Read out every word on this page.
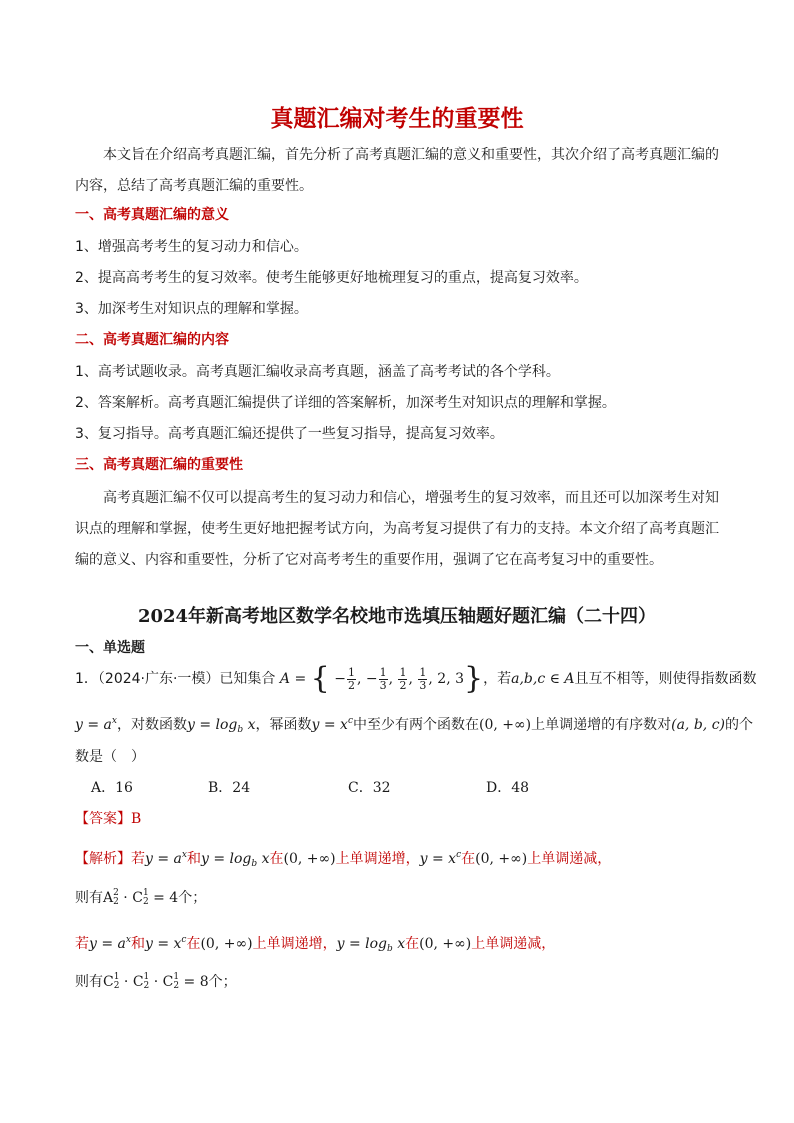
真题汇编对考生的重要性
本文旨在介绍高考真题汇编，首先分析了高考真题汇编的意义和重要性，其次介绍了高考真题汇编的内容，总结了高考真题汇编的重要性。
一、高考真题汇编的意义
1、增强高考考生的复习动力和信心。
2、提高高考考生的复习效率。使考生能够更好地梳理复习的重点，提高复习效率。
3、加深考生对知识点的理解和掌握。
二、高考真题汇编的内容
1、高考试题收录。高考真题汇编收录高考真题，涵盖了高考考试的各个学科。
2、答案解析。高考真题汇编提供了详细的答案解析，加深考生对知识点的理解和掌握。
3、复习指导。高考真题汇编还提供了一些复习指导，提高复习效率。
三、高考真题汇编的重要性
高考真题汇编不仅可以提高考生的复习动力和信心，增强考生的复习效率，而且还可以加深考生对知识点的理解和掌握，使考生更好地把握考试方向，为高考复习提供了有力的支持。本文介绍了高考真题汇编的意义、内容和重要性，分析了它对高考考生的重要作用，强调了它在高考复习中的重要性。
2024年新高考地区数学名校地市选填压轴题好题汇编（二十四）
一、单选题
1．（2024·广东·一模）已知集合 A = { − $\frac{1}{2}$ , − $\frac{1}{3}$ , $\frac{1}{2}$ , $\frac{1}{3}$ , 2, 3}，若a,b,c ∈ A且互不相等，则使得指数函数
$y = a^x$，对数函数$y = \log_b x$，幂函数$y = x^c$中至少有两个函数在(0, +∞)上单调递增的有序数对(a, b, c)的个
数是（　）
A．16	B．24	C．32	D．48
【答案】B
【解析】若$y = a^x$和$y = \log_b x$在(0, +∞)上单调递增，$y = x^c$在(0, +∞)上单调递减，
则有A 2
2 · C 1
2 = 4个；
若$y = a^x$和$y = x^c$在(0, +∞)上单调递增，$y = \log_b x$在(0, +∞)上单调递减，
则有C 1
2 · C 1
2 · C 1
2 = 8个；
